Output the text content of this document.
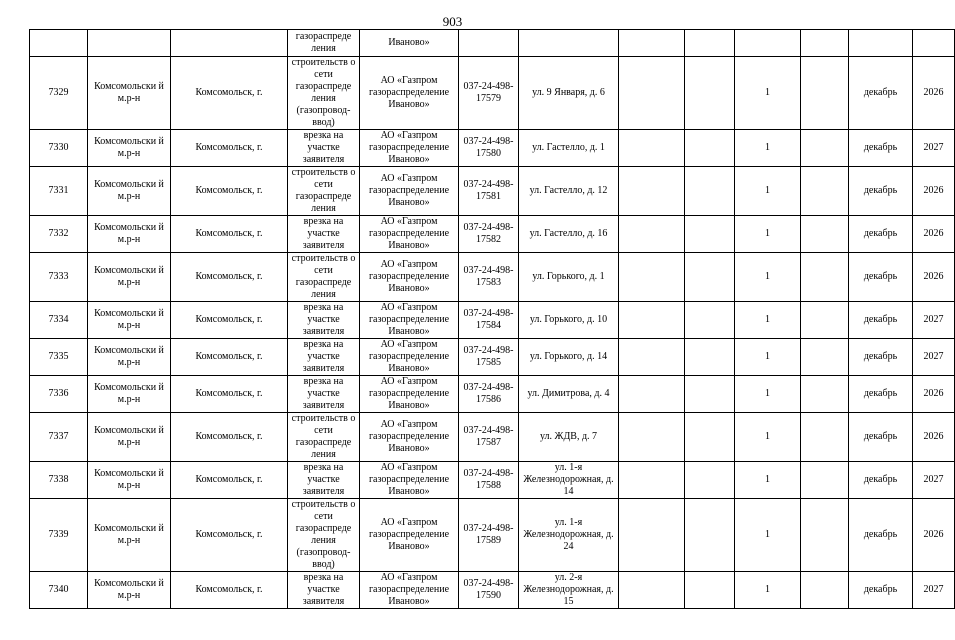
903
			газораспреде ления	Иваново»								
7329	Комсомольски й м.р-н	Комсомольск, г.	строительств о сети газораспреде ления (газопровод-ввод)	АО «Газпром газораспределение Иваново»	037-24-498-17579	ул. 9 Января, д. 6			1		декабрь	2026
7330	Комсомольски й м.р-н	Комсомольск, г.	врезка на участке заявителя	АО «Газпром газораспределение Иваново»	037-24-498-17580	ул. Гастелло, д. 1			1		декабрь	2027
7331	Комсомольски й м.р-н	Комсомольск, г.	строительств о сети газораспреде ления	АО «Газпром газораспределение Иваново»	037-24-498-17581	ул. Гастелло, д. 12			1		декабрь	2026
7332	Комсомольски й м.р-н	Комсомольск, г.	врезка на участке заявителя	АО «Газпром газораспределение Иваново»	037-24-498-17582	ул. Гастелло, д. 16			1		декабрь	2026
7333	Комсомольски й м.р-н	Комсомольск, г.	строительств о сети газораспреде ления	АО «Газпром газораспределение Иваново»	037-24-498-17583	ул. Горького, д. 1			1		декабрь	2026
7334	Комсомольски й м.р-н	Комсомольск, г.	врезка на участке заявителя	АО «Газпром газораспределение Иваново»	037-24-498-17584	ул. Горького, д. 10			1		декабрь	2027
7335	Комсомольски й м.р-н	Комсомольск, г.	врезка на участке заявителя	АО «Газпром газораспределение Иваново»	037-24-498-17585	ул. Горького, д. 14			1		декабрь	2027
7336	Комсомольски й м.р-н	Комсомольск, г.	врезка на участке заявителя	АО «Газпром газораспределение Иваново»	037-24-498-17586	ул. Димитрова, д. 4			1		декабрь	2026
7337	Комсомольски й м.р-н	Комсомольск, г.	строительств о сети газораспреде ления	АО «Газпром газораспределение Иваново»	037-24-498-17587	ул. ЖДВ, д. 7			1		декабрь	2026
7338	Комсомольски й м.р-н	Комсомольск, г.	врезка на участке заявителя	АО «Газпром газораспределение Иваново»	037-24-498-17588	ул. 1-я Железнодорожная, д. 14			1		декабрь	2027
7339	Комсомольски й м.р-н	Комсомольск, г.	строительств о сети газораспреде ления (газопровод-ввод)	АО «Газпром газораспределение Иваново»	037-24-498-17589	ул. 1-я Железнодорожная, д. 24			1		декабрь	2026
7340	Комсомольски й м.р-н	Комсомольск, г.	врезка на участке заявителя	АО «Газпром газораспределение Иваново»	037-24-498-17590	ул. 2-я Железнодорожная, д. 15			1		декабрь	2027
